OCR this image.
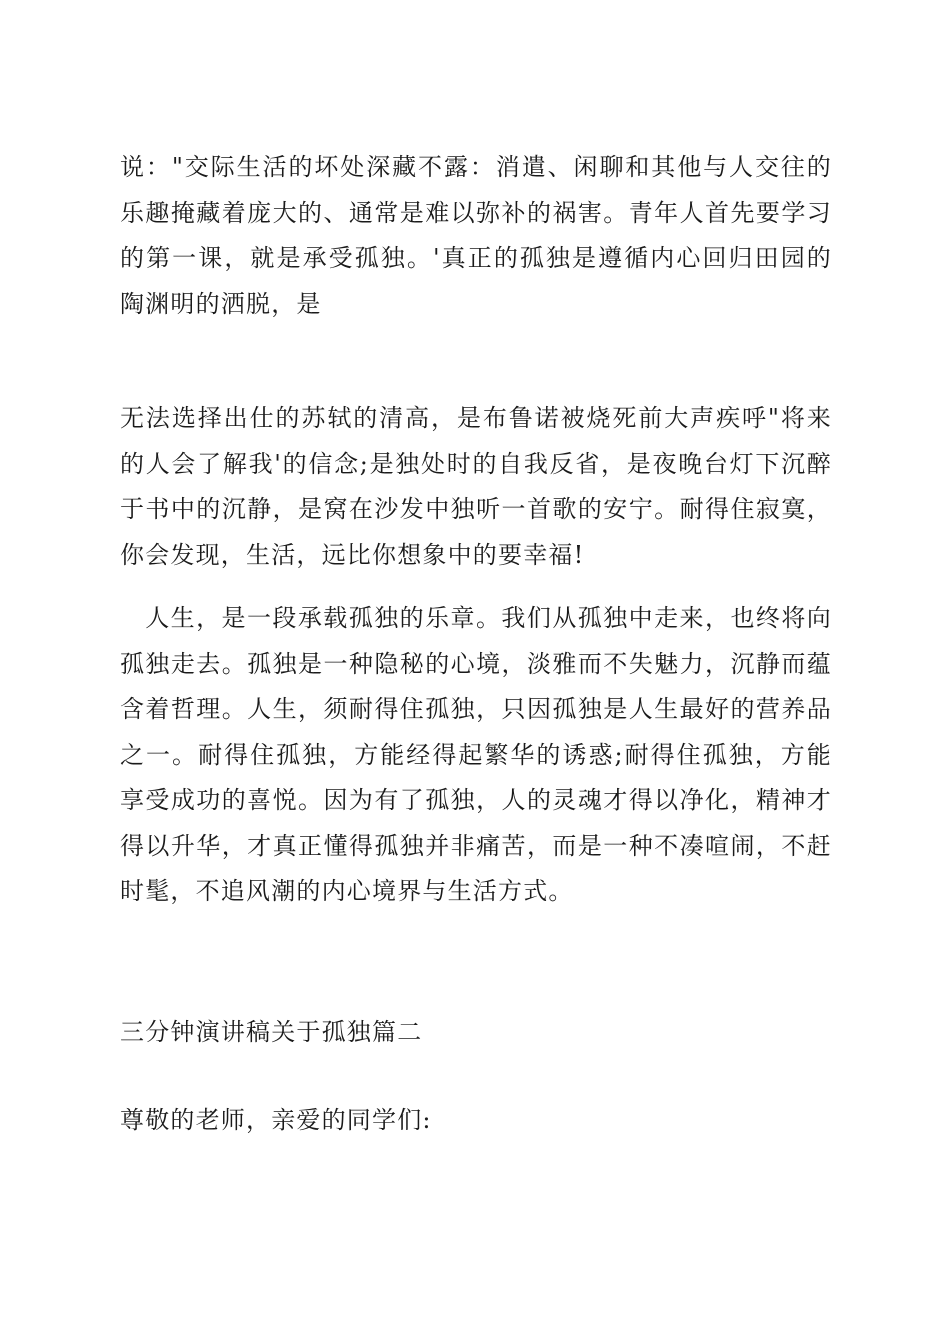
说："交际生活的坏处深藏不露：消遣、闲聊和其他与人交往的乐趣掩藏着庞大的、通常是难以弥补的祸害。青年人首先要学习的第一课，就是承受孤独。'真正的孤独是遵循内心回归田园的陶渊明的洒脱，是

无法选择出仕的苏轼的清高，是布鲁诺被烧死前大声疾呼"将来的人会了解我'的信念;是独处时的自我反省，是夜晚台灯下沉醉于书中的沉静，是窝在沙发中独听一首歌的安宁。耐得住寂寞，你会发现，生活，远比你想象中的要幸福!

人生，是一段承载孤独的乐章。我们从孤独中走来，也终将向孤独走去。孤独是一种隐秘的心境，淡雅而不失魅力，沉静而蕴含着哲理。人生，须耐得住孤独，只因孤独是人生最好的营养品之一。耐得住孤独，方能经得起繁华的诱惑;耐得住孤独，方能享受成功的喜悦。因为有了孤独，人的灵魂才得以净化，精神才得以升华，才真正懂得孤独并非痛苦，而是一种不凑喧闹，不赶时髦，不追风潮的内心境界与生活方式。

三分钟演讲稿关于孤独篇二

尊敬的老师，亲爱的同学们:
